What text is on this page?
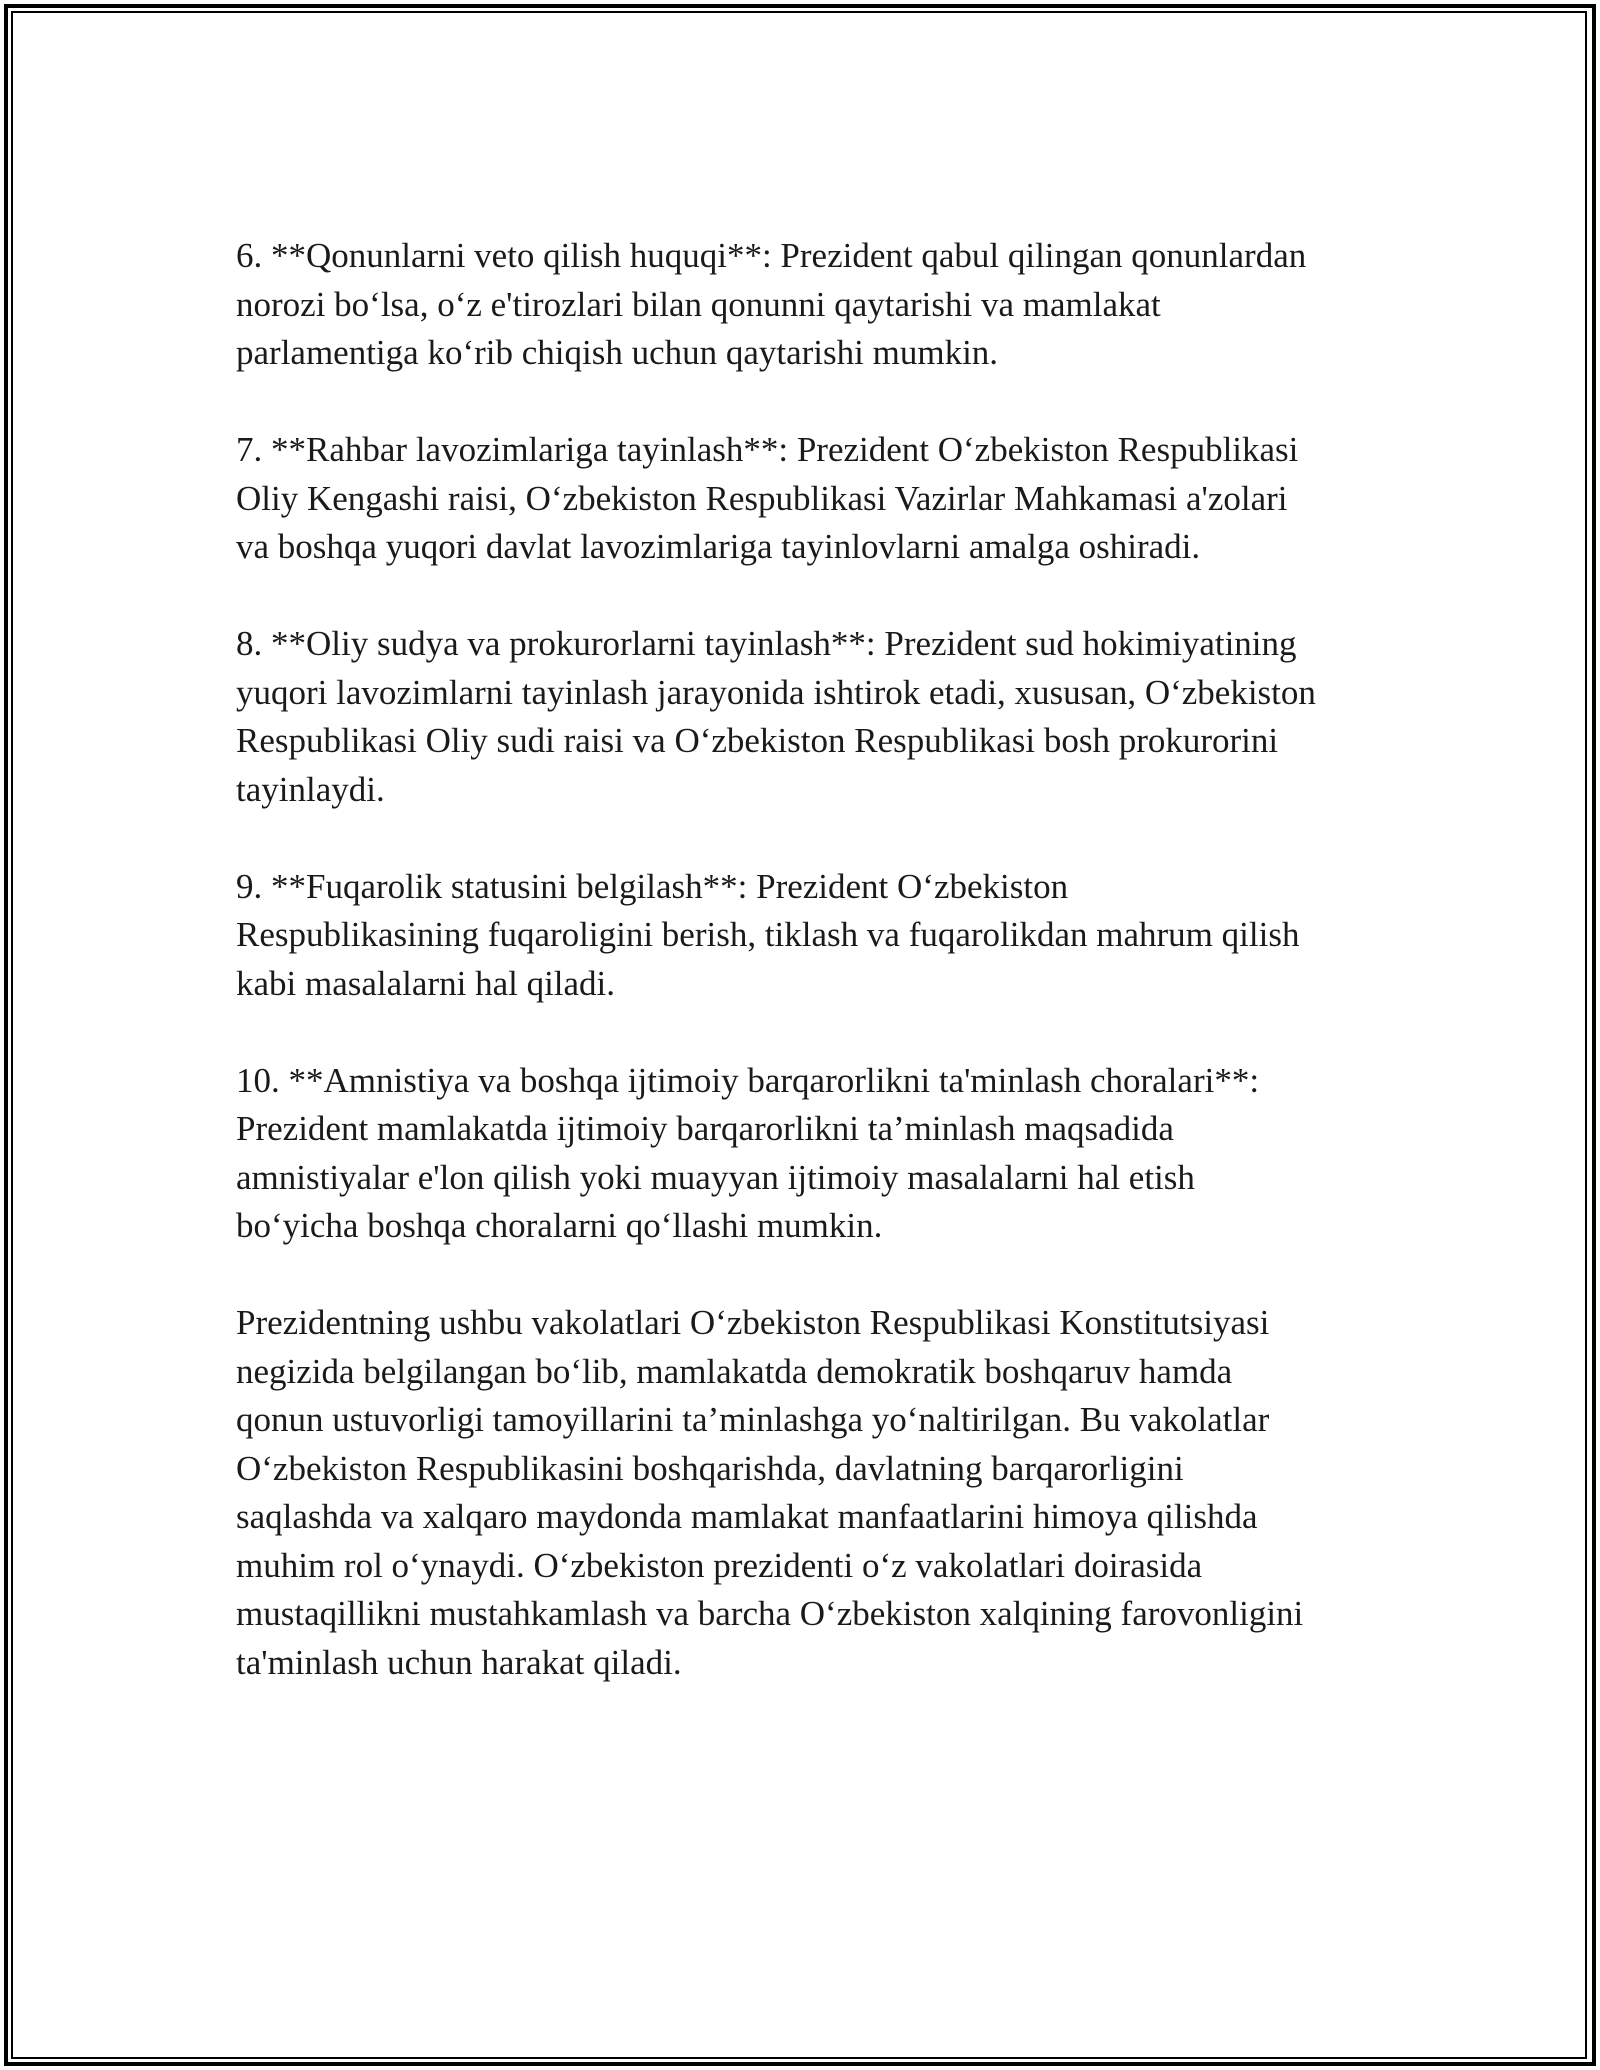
6. **Qonunlarni veto qilish huquqi**: Prezident qabul qilingan qonunlardan
norozi bo‘lsa, o‘z e'tirozlari bilan qonunni qaytarishi va mamlakat
parlamentiga ko‘rib chiqish uchun qaytarishi mumkin.

7. **Rahbar lavozimlariga tayinlash**: Prezident O‘zbekiston Respublikasi
Oliy Kengashi raisi, O‘zbekiston Respublikasi Vazirlar Mahkamasi a'zolari
va boshqa yuqori davlat lavozimlariga tayinlovlarni amalga oshiradi.

8. **Oliy sudya va prokurorlarni tayinlash**: Prezident sud hokimiyatining
yuqori lavozimlarni tayinlash jarayonida ishtirok etadi, xususan, O‘zbekiston
Respublikasi Oliy sudi raisi va O‘zbekiston Respublikasi bosh prokurorini
tayinlaydi.

9. **Fuqarolik statusini belgilash**: Prezident O‘zbekiston
Respublikasining fuqaroligini berish, tiklash va fuqarolikdan mahrum qilish
kabi masalalarni hal qiladi.

10. **Amnistiya va boshqa ijtimoiy barqarorlikni ta'minlash choralari**:
Prezident mamlakatda ijtimoiy barqarorlikni ta’minlash maqsadida
amnistiyalar e'lon qilish yoki muayyan ijtimoiy masalalarni hal etish
bo‘yicha boshqa choralarni qo‘llashi mumkin.

Prezidentning ushbu vakolatlari O‘zbekiston Respublikasi Konstitutsiyasi
negizida belgilangan bo‘lib, mamlakatda demokratik boshqaruv hamda
qonun ustuvorligi tamoyillarini ta’minlashga yo‘naltirilgan. Bu vakolatlar
O‘zbekiston Respublikasini boshqarishda, davlatning barqarorligini
saqlashda va xalqaro maydonda mamlakat manfaatlarini himoya qilishda
muhim rol o‘ynaydi. O‘zbekiston prezidenti o‘z vakolatlari doirasida
mustaqillikni mustahkamlash va barcha O‘zbekiston xalqining farovonligini
ta'minlash uchun harakat qiladi.
